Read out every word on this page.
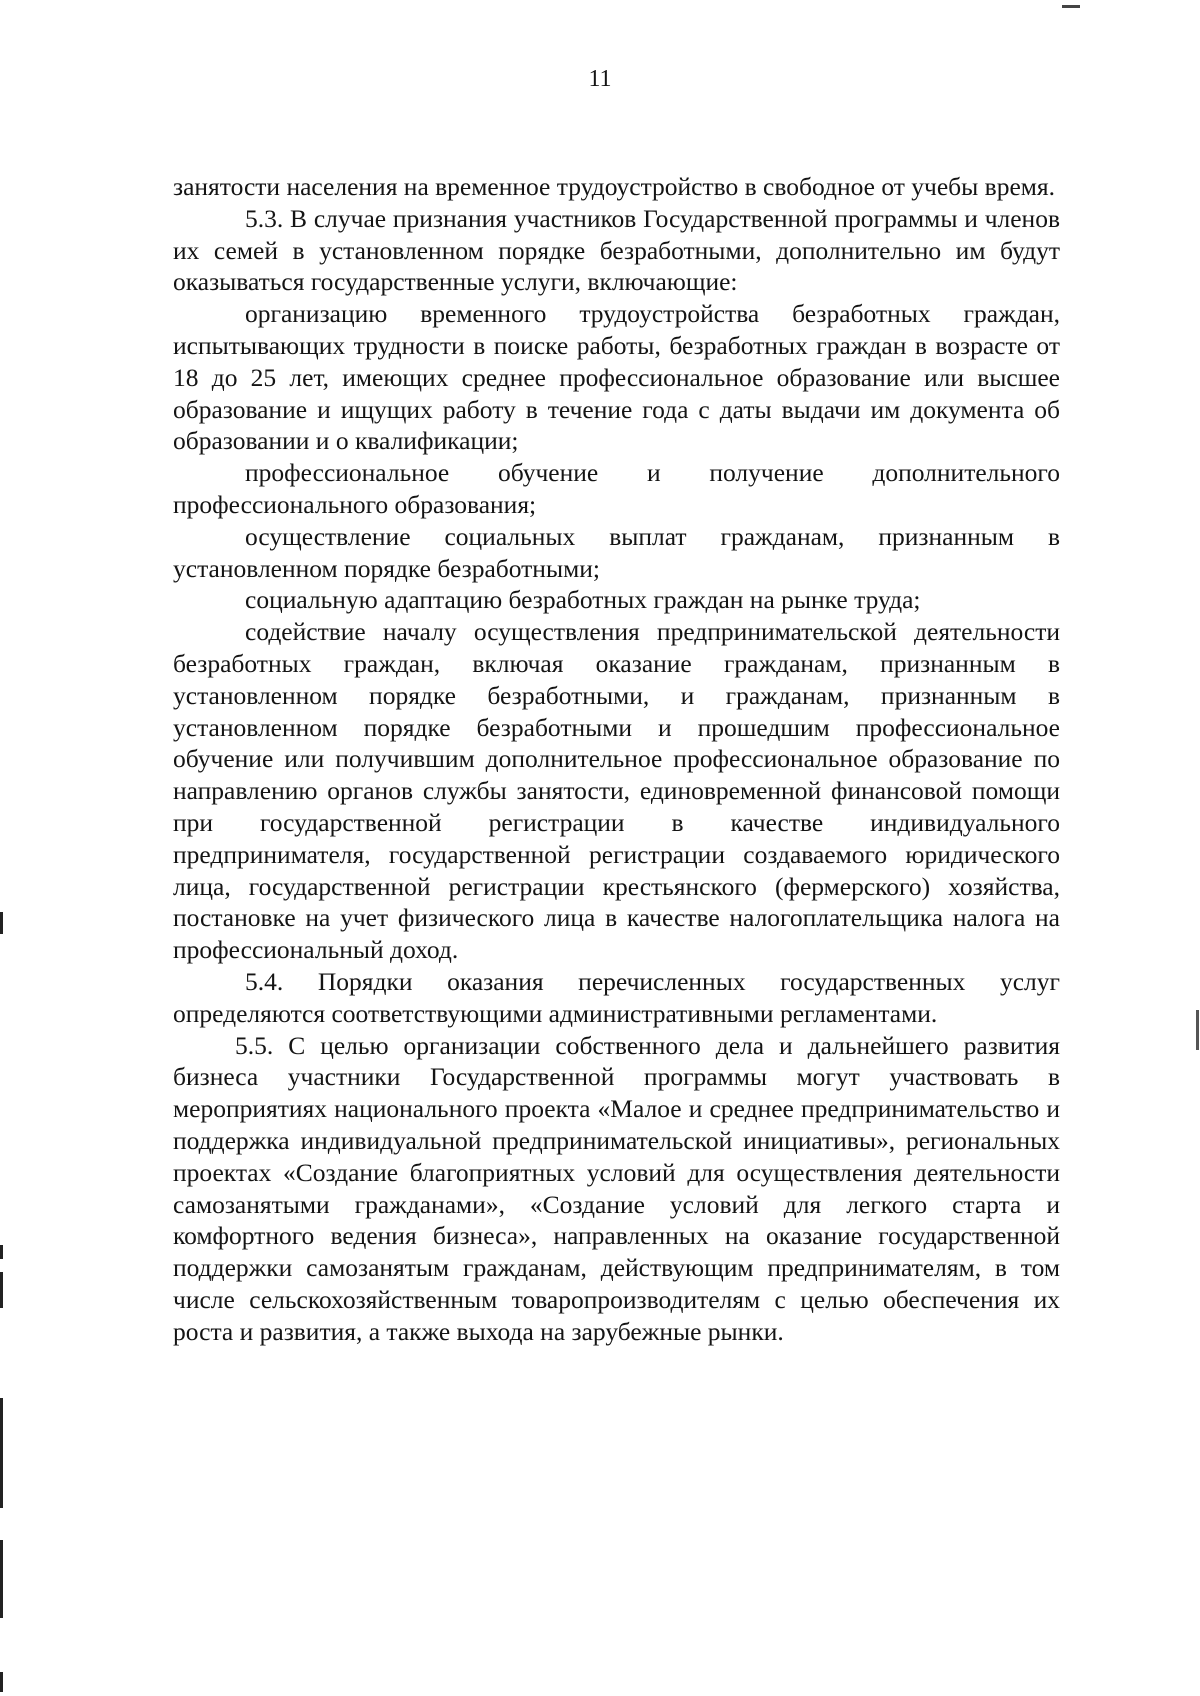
11

занятости населения на временное трудоустройство в свободное от учебы время.

5.3. В случае признания участников Государственной программы и членов их семей в установленном порядке безработными, дополнительно им будут оказываться государственные услуги, включающие:

организацию временного трудоустройства безработных граждан, испытывающих трудности в поиске работы, безработных граждан в возрасте от 18 до 25 лет, имеющих среднее профессиональное образование или высшее образование и ищущих работу в течение года с даты выдачи им документа об образовании и о квалификации;

профессиональное обучение и получение дополнительного профессионального образования;

осуществление социальных выплат гражданам, признанным в установленном порядке безработными;

социальную адаптацию безработных граждан на рынке труда;

содействие началу осуществления предпринимательской деятельности безработных граждан, включая оказание гражданам, признанным в установленном порядке безработными, и гражданам, признанным в установленном порядке безработными и прошедшим профессиональное обучение или получившим дополнительное профессиональное образование по направлению органов службы занятости, единовременной финансовой помощи при государственной регистрации в качестве индивидуального предпринимателя, государственной регистрации создаваемого юридического лица, государственной регистрации крестьянского (фермерского) хозяйства, постановке на учет физического лица в качестве налогоплательщика налога на профессиональный доход.

5.4. Порядки оказания перечисленных государственных услуг определяются соответствующими административными регламентами.

5.5. С целью организации собственного дела и дальнейшего развития бизнеса участники Государственной программы могут участвовать в мероприятиях национального проекта «Малое и среднее предпринимательство и поддержка индивидуальной предпринимательской инициативы», региональных проектах «Создание благоприятных условий для осуществления деятельности самозанятыми гражданами», «Создание условий для легкого старта и комфортного ведения бизнеса», направленных на оказание государственной поддержки самозанятым гражданам, действующим предпринимателям, в том числе сельскохозяйственным товаропроизводителям с целью обеспечения их роста и развития, а также выхода на зарубежные рынки.
